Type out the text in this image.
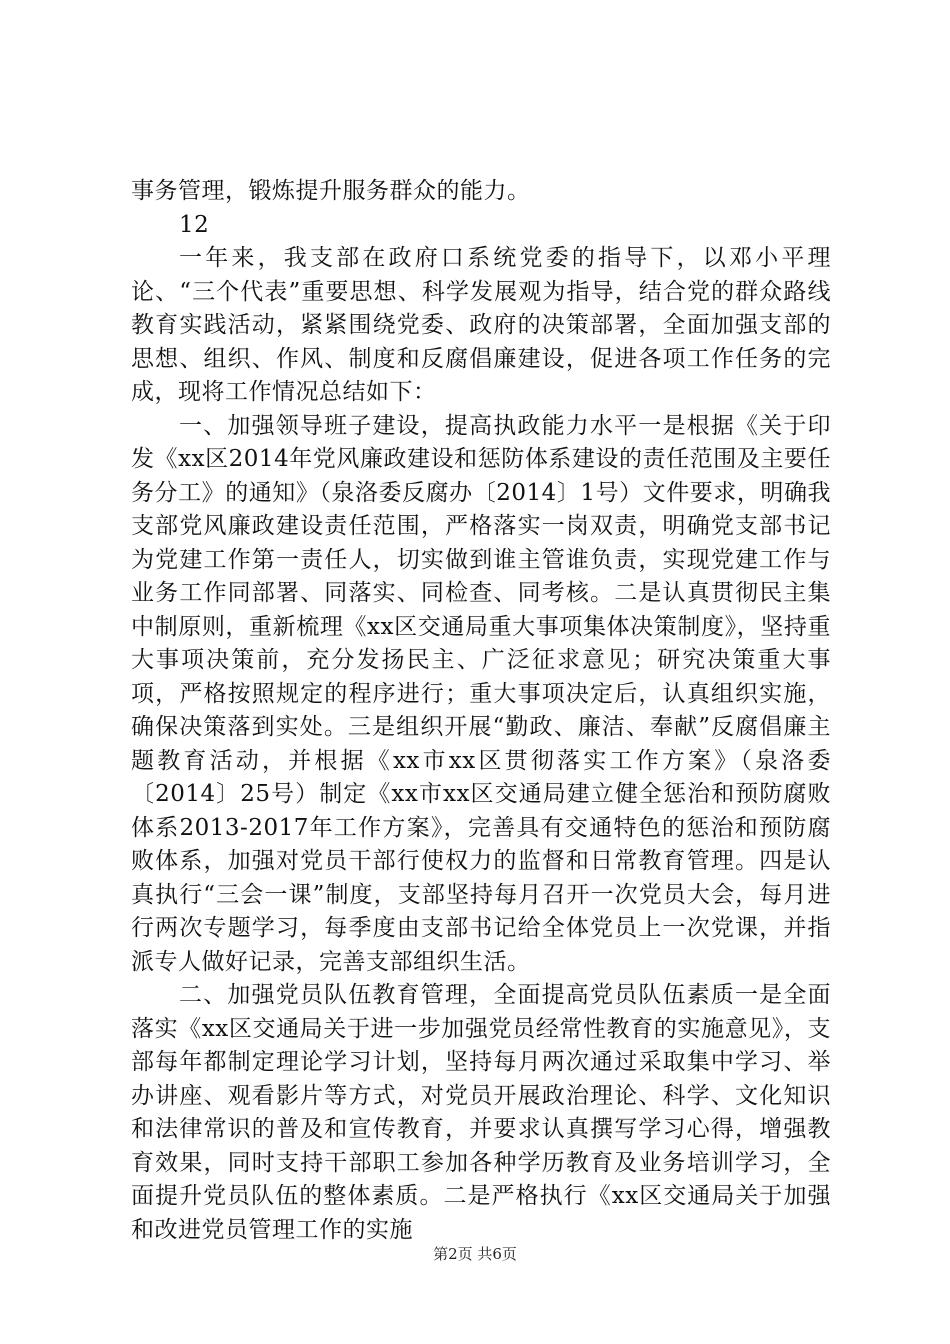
事务管理，锻炼提升服务群众的能力。

12

一年来，我支部在政府口系统党委的指导下，以邓小平理论、“三个代表”重要思想、科学发展观为指导，结合党的群众路线教育实践活动，紧紧围绕党委、政府的决策部署，全面加强支部的思想、组织、作风、制度和反腐倡廉建设，促进各项工作任务的完成，现将工作情况总结如下：

一、加强领导班子建设，提高执政能力水平一是根据《关于印发《xx区2014年党风廉政建设和惩防体系建设的责任范围及主要任务分工》的通知》（泉洛委反腐办〔2014〕1号）文件要求，明确我支部党风廉政建设责任范围，严格落实一岗双责，明确党支部书记为党建工作第一责任人，切实做到谁主管谁负责，实现党建工作与业务工作同部署、同落实、同检查、同考核。二是认真贯彻民主集中制原则，重新梳理《xx区交通局重大事项集体决策制度》，坚持重大事项决策前，充分发扬民主、广泛征求意见；研究决策重大事项，严格按照规定的程序进行；重大事项决定后，认真组织实施，确保决策落到实处。三是组织开展“勤政、廉洁、奉献”反腐倡廉主题教育活动，并根据《xx市xx区贯彻落实工作方案》（泉洛委〔2014〕25号）制定《xx市xx区交通局建立健全惩治和预防腐败体系2013-2017年工作方案》，完善具有交通特色的惩治和预防腐败体系，加强对党员干部行使权力的监督和日常教育管理。四是认真执行“三会一课”制度，支部坚持每月召开一次党员大会，每月进行两次专题学习，每季度由支部书记给全体党员上一次党课，并指派专人做好记录，完善支部组织生活。

二、加强党员队伍教育管理，全面提高党员队伍素质一是全面落实《xx区交通局关于进一步加强党员经常性教育的实施意见》，支部每年都制定理论学习计划，坚持每月两次通过采取集中学习、举办讲座、观看影片等方式，对党员开展政治理论、科学、文化知识和法律常识的普及和宣传教育，并要求认真撰写学习心得，增强教育效果，同时支持干部职工参加各种学历教育及业务培训学习，全面提升党员队伍的整体素质。二是严格执行《xx区交通局关于加强和改进党员管理工作的实施

第2页 共6页
